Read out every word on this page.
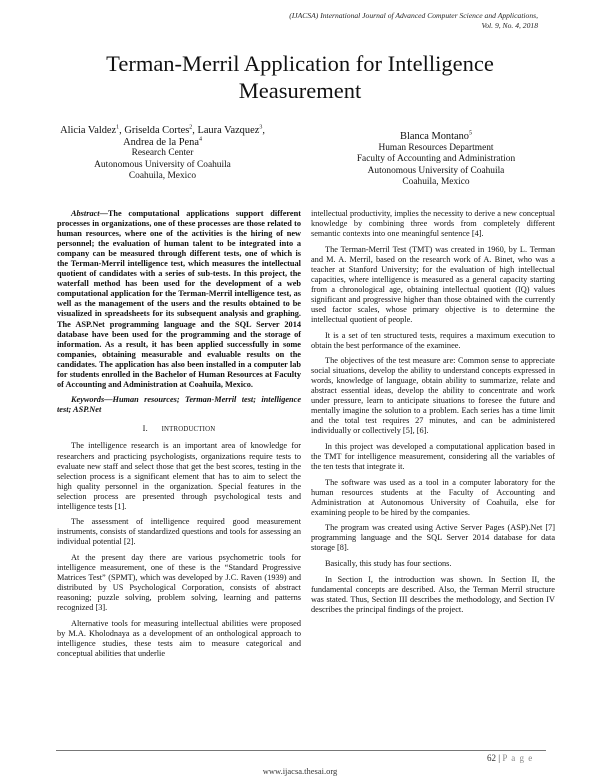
(IJACSA) International Journal of Advanced Computer Science and Applications,
Vol. 9, No. 4, 2018
Terman-Merril Application for Intelligence
Measurement
Alicia Valdez$^1$, Griselda Cortes$^2$, Laura Vazquez$^3$,
Andrea de la Pena$^4$
Research Center
Autonomous University of Coahuila
Coahuila, Mexico
Blanca Montano$^5$
Human Resources Department
Faculty of Accounting and Administration
Autonomous University of Coahuila
Coahuila, Mexico

Abstract—The computational applications support different processes in organizations, one of these processes are those related to human resources, where one of the activities is the hiring of new personnel; the evaluation of human talent to be integrated into a company can be measured through different tests, one of which is the Terman-Merril intelligence test, which measures the intellectual quotient of candidates with a series of sub-tests. In this project, the waterfall method has been used for the development of a web computational application for the Terman-Merril intelligence test, as well as the management of the users and the results obtained to be visualized in spreadsheets for its subsequent analysis and graphing. The ASP.Net programming language and the SQL Server 2014 database have been used for the programming and the storage of information. As a result, it has been applied successfully in some companies, obtaining measurable and evaluable results on the candidates. The application has also been installed in a computer lab for students enrolled in the Bachelor of Human Resources at Faculty of Accounting and Administration at Coahuila, Mexico.

Keywords—Human resources; Terman-Merril test; intelligence test; ASP.Net

I. INTRODUCTION

The intelligence research is an important area of knowledge for researchers and practicing psychologists, organizations require tests to evaluate new staff and select those that get the best scores, testing in the selection process is a significant element that has to aim to select the high quality personnel in the organization. Special features in the selection process are presented through psychological tests and intelligence tests [1].

The assessment of intelligence required good measurement instruments, consists of standardized questions and tools for assessing an individual potential [2].

At the present day there are various psychometric tools for intelligence measurement, one of these is the “Standard Progressive Matrices Test” (SPMT), which was developed by J.C. Raven (1939) and distributed by US Psychological Corporation, consists of abstract reasoning; puzzle solving, problem solving, learning and patterns recognized [3].

Alternative tools for measuring intellectual abilities were proposed by M.A. Kholodnaya as a development of an onthological approach to intelligence studies, these tests aim to measure categorical and conceptual abilities that underlie

intellectual productivity, implies the necessity to derive a new conceptual knowledge by combining three words from completely different semantic contexts into one meaningful sentence [4].

The Terman-Merril Test (TMT) was created in 1960, by L. Terman and M. A. Merril, based on the research work of A. Binet, who was a teacher at Stanford University; for the evaluation of high intellectual capacities, where intelligence is measured as a general capacity starting from a chronological age, obtaining intellectual quotient (IQ) values significant and progressive higher than those obtained with the currently used factor scales, whose primary objective is to determine the intellectual quotient of people.

It is a set of ten structured tests, requires a maximum execution to obtain the best performance of the examinee.

The objectives of the test measure are: Common sense to appreciate social situations, develop the ability to understand concepts expressed in words, knowledge of language, obtain ability to summarize, relate and abstract essential ideas, develop the ability to concentrate and work under pressure, learn to anticipate situations to foresee the future and mentally imagine the solution to a problem. Each series has a time limit and the total test requires 27 minutes, and can be administered individually or collectively [5], [6].

In this project was developed a computational application based in the TMT for intelligence measurement, considering all the variables of the ten tests that integrate it.

The software was used as a tool in a computer laboratory for the human resources students at the Faculty of Accounting and Administration at Autonomous University of Coahuila, else for examining people to be hired by the companies.

The program was created using Active Server Pages (ASP).Net [7] programming language and the SQL Server 2014 database for data storage [8].

Basically, this study has four sections.

In Section I, the introduction was shown. In Section II, the fundamental concepts are described. Also, the Terman Merril structure was stated. Thus, Section III describes the methodology, and Section IV describes the principal findings of the project.

62 | P a g e
www.ijacsa.thesai.org
